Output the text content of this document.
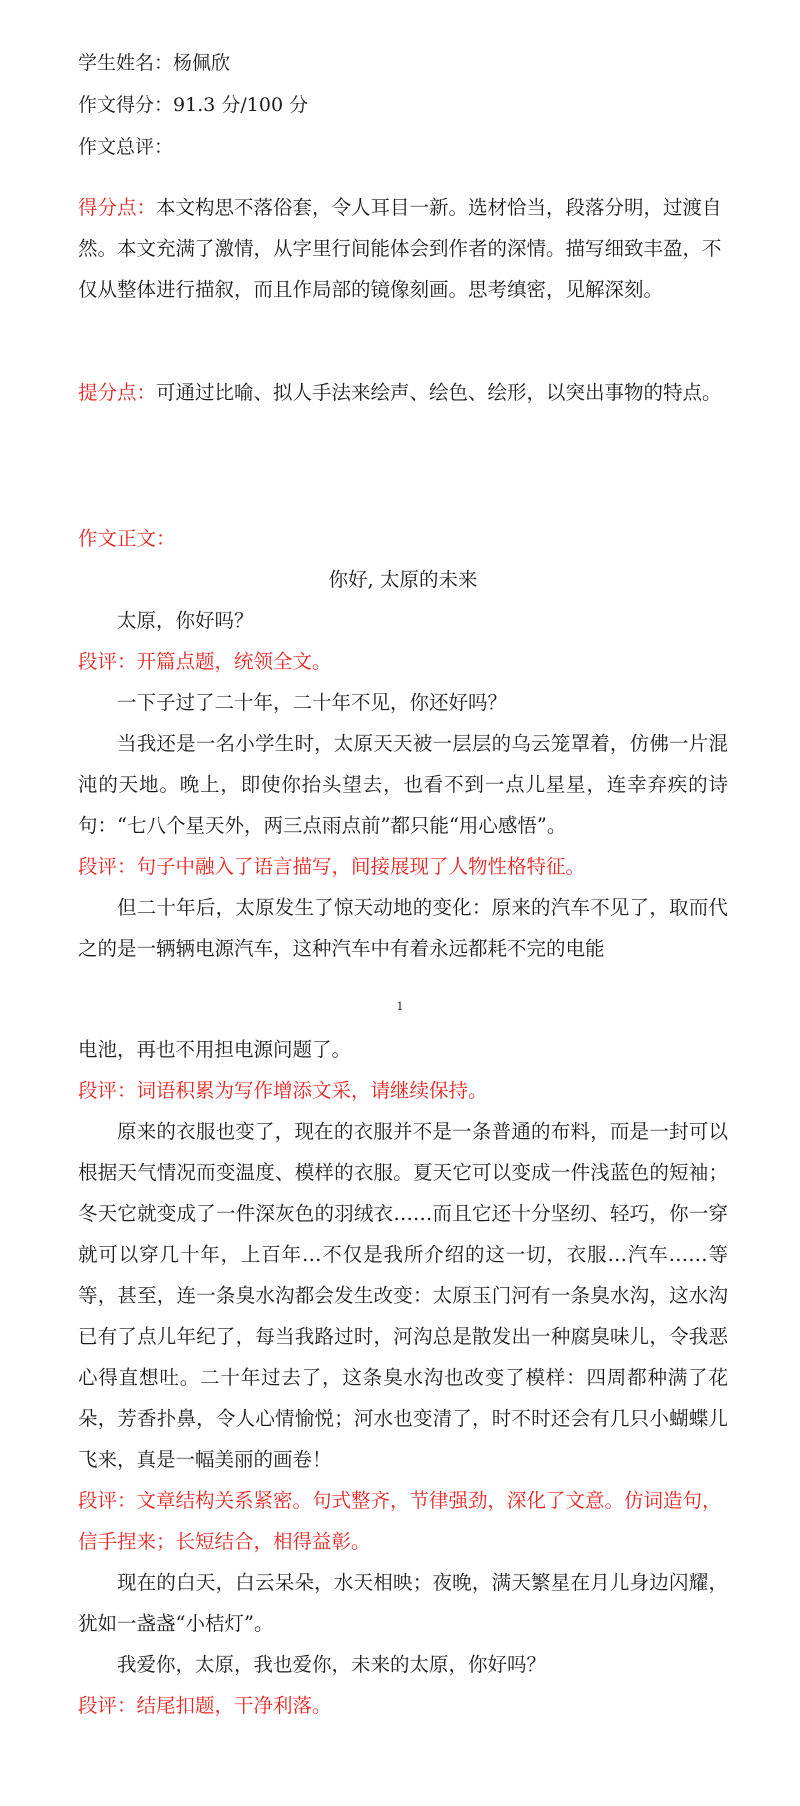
学生姓名：杨佩欣

作文得分：91.3 分/100 分

作文总评：

得分点：本文构思不落俗套，令人耳目一新。选材恰当，段落分明，过渡自然。本文充满了激情，从字里行间能体会到作者的深情。描写细致丰盈，不仅从整体进行描叙，而且作局部的镜像刻画。思考缜密，见解深刻。

提分点：可通过比喻、拟人手法来绘声、绘色、绘形，以突出事物的特点。

作文正文：

你好, 太原的未来

太原，你好吗？

段评：开篇点题，统领全文。

一下子过了二十年，二十年不见，你还好吗？

当我还是一名小学生时，太原天天被一层层的乌云笼罩着，仿佛一片混沌的天地。晚上，即使你抬头望去，也看不到一点儿星星，连幸弃疾的诗句：“七八个星天外，两三点雨点前”都只能“用心感悟”。

段评：句子中融入了语言描写，间接展现了人物性格特征。

但二十年后，太原发生了惊天动地的变化：原来的汽车不见了，取而代之的是一辆辆电源汽车，这种汽车中有着永远都耗不完的电能

1

电池，再也不用担电源问题了。

段评：词语积累为写作增添文采，请继续保持。

原来的衣服也变了，现在的衣服并不是一条普通的布料，而是一封可以根据天气情况而变温度、模样的衣服。夏天它可以变成一件浅蓝色的短袖；冬天它就变成了一件深灰色的羽绒衣……而且它还十分坚纫、轻巧，你一穿就可以穿几十年，上百年…不仅是我所介绍的这一切，衣服…汽车……等等，甚至，连一条臭水沟都会发生改变：太原玉门河有一条臭水沟，这水沟已有了点儿年纪了，每当我路过时，河沟总是散发出一种腐臭味儿，令我恶心得直想吐。二十年过去了，这条臭水沟也改变了模样：四周都种满了花朵，芳香扑鼻，令人心情愉悦；河水也变清了，时不时还会有几只小蝴蝶儿飞来，真是一幅美丽的画卷！

段评：文章结构关系紧密。句式整齐，节律强劲，深化了文意。仿词造句，信手捏来；长短结合，相得益彰。

现在的白天，白云呆朵，水天相映；夜晚，满天繁星在月儿身边闪耀，犹如一盏盏“小桔灯”。

我爱你，太原，我也爱你，未来的太原，你好吗？

段评：结尾扣题，干净利落。
